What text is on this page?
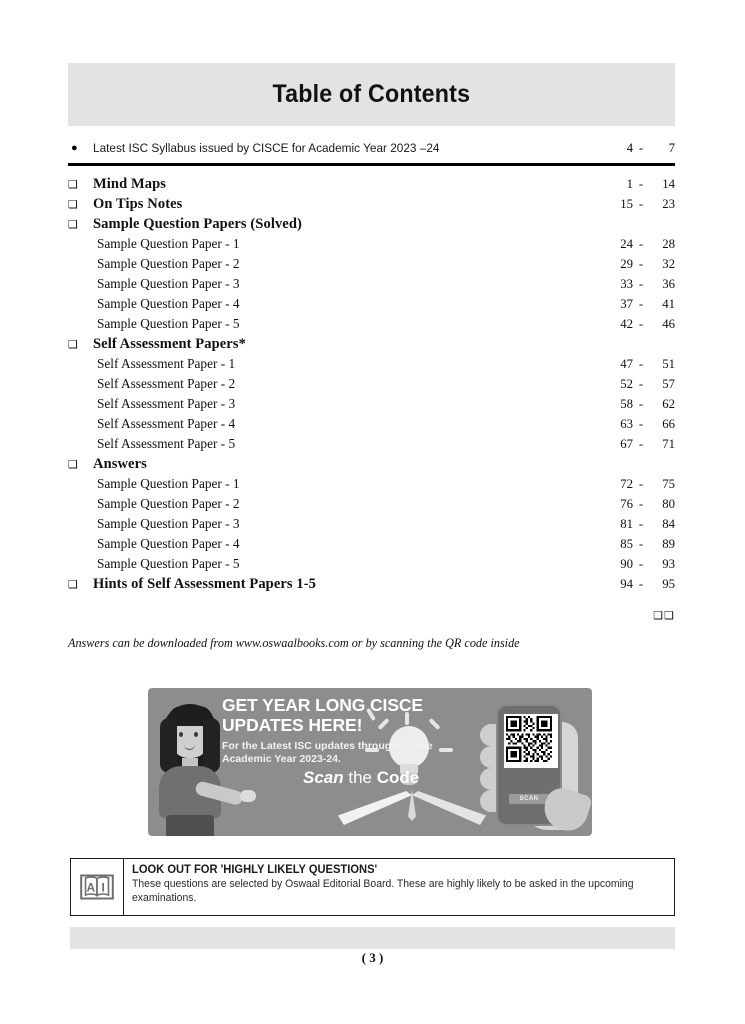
Table of Contents
●	Latest ISC Syllabus issued by CISCE for Academic Year 2023 –24	4 -	7
❑	Mind Maps	1 -	14
❑	On Tips Notes	15 -	23
❑	Sample Question Papers (Solved)
Sample Question Paper - 1	24 -	28
Sample Question Paper - 2	29 -	32
Sample Question Paper - 3	33 -	36
Sample Question Paper - 4	37 -	41
Sample Question Paper - 5	42 -	46
❑	Self Assessment Papers*
Self Assessment Paper - 1	47 -	51
Self Assessment Paper - 2	52 -	57
Self Assessment Paper - 3	58 -	62
Self Assessment Paper - 4	63 -	66
Self Assessment Paper - 5	67 -	71
❑	Answers
Sample Question Paper - 1	72 -	75
Sample Question Paper - 2	76 -	80
Sample Question Paper - 3	81 -	84
Sample Question Paper - 4	85 -	89
Sample Question Paper - 5	90 -	93
❑	Hints of Self Assessment Papers 1-5	94 -	95
❑❑
Answers can be downloaded from www.oswaalbooks.com or by scanning the QR code inside
SCAN
GET YEAR LONG CISCE
UPDATES HERE!
For the Latest ISC updates throughout the Academic Year 2023-24.
Scan the Code
A I
LOOK OUT FOR 'HIGHLY LIKELY QUESTIONS'
These questions are selected by Oswaal Editorial Board. These are highly likely to be asked in the upcoming examinations.
( 3 )
